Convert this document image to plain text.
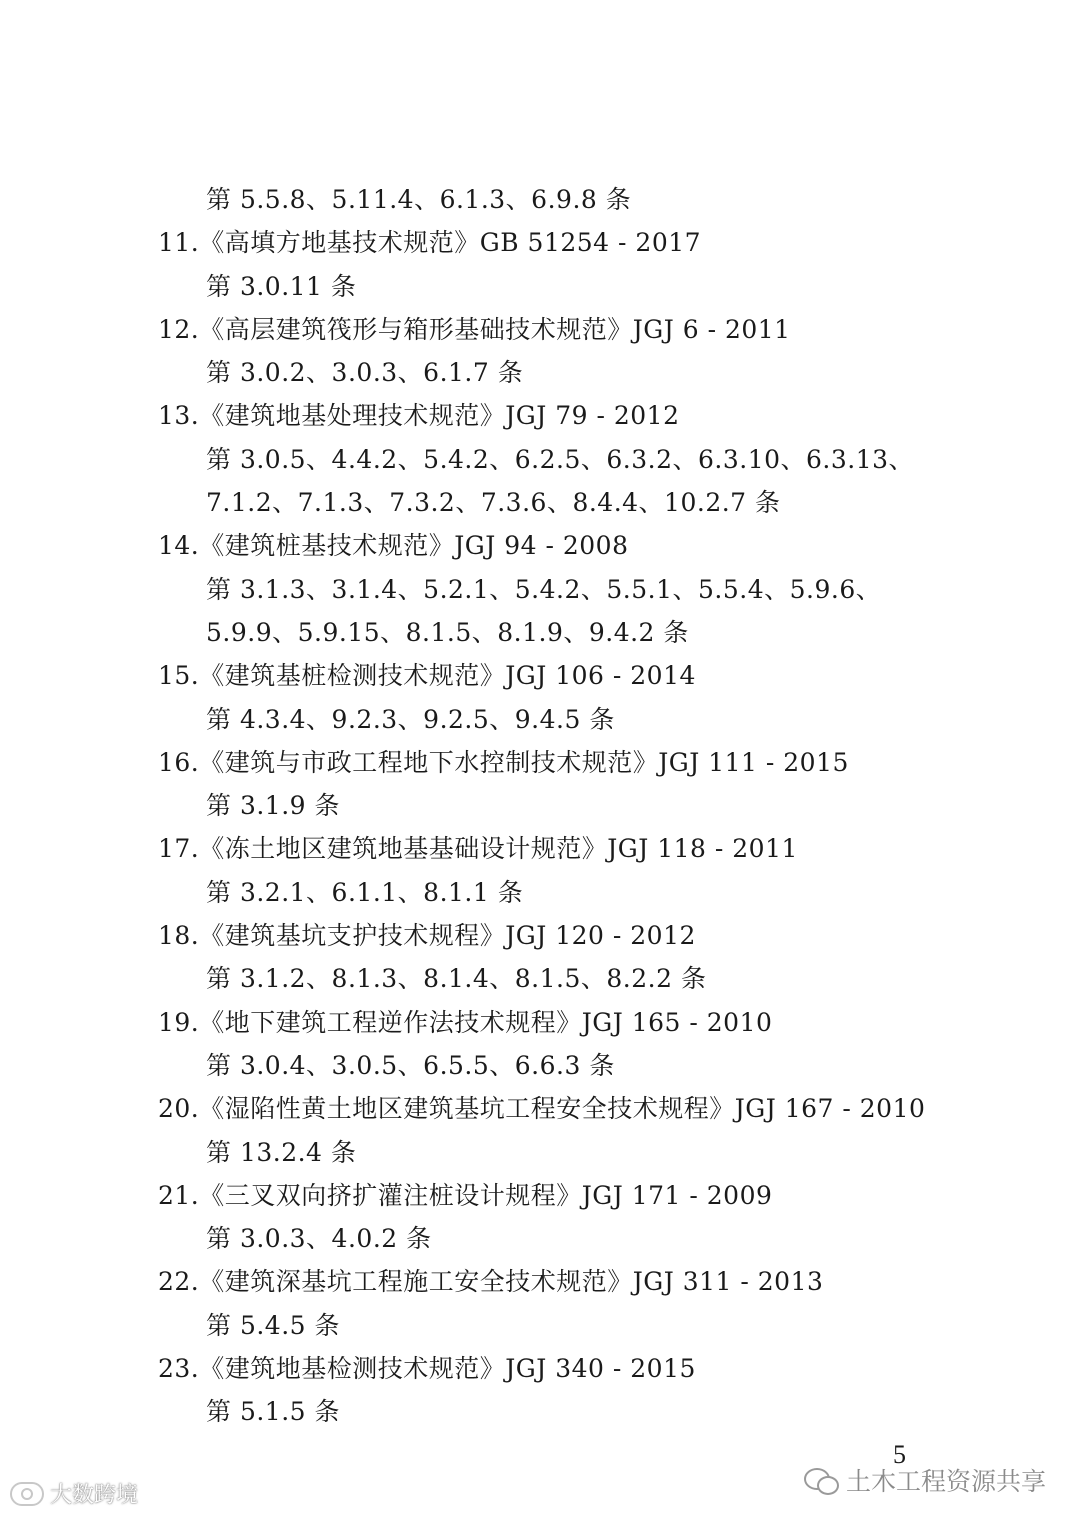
第 5.5.8、5.11.4、6.1.3、6.9.8 条
11.《高填方地基技术规范》GB 51254 - 2017
第 3.0.11 条
12.《高层建筑筏形与箱形基础技术规范》JGJ 6 - 2011
第 3.0.2、3.0.3、6.1.7 条
13.《建筑地基处理技术规范》JGJ 79 - 2012
第 3.0.5、4.4.2、5.4.2、6.2.5、6.3.2、6.3.10、6.3.13、
7.1.2、7.1.3、7.3.2、7.3.6、8.4.4、10.2.7 条
14.《建筑桩基技术规范》JGJ 94 - 2008
第 3.1.3、3.1.4、5.2.1、5.4.2、5.5.1、5.5.4、5.9.6、
5.9.9、5.9.15、8.1.5、8.1.9、9.4.2 条
15.《建筑基桩检测技术规范》JGJ 106 - 2014
第 4.3.4、9.2.3、9.2.5、9.4.5 条
16.《建筑与市政工程地下水控制技术规范》JGJ 111 - 2015
第 3.1.9 条
17.《冻土地区建筑地基基础设计规范》JGJ 118 - 2011
第 3.2.1、6.1.1、8.1.1 条
18.《建筑基坑支护技术规程》JGJ 120 - 2012
第 3.1.2、8.1.3、8.1.4、8.1.5、8.2.2 条
19.《地下建筑工程逆作法技术规程》JGJ 165 - 2010
第 3.0.4、3.0.5、6.5.5、6.6.3 条
20.《湿陷性黄土地区建筑基坑工程安全技术规程》JGJ 167 - 2010
第 13.2.4 条
21.《三叉双向挤扩灌注桩设计规程》JGJ 171 - 2009
第 3.0.3、4.0.2 条
22.《建筑深基坑工程施工安全技术规范》JGJ 311 - 2013
第 5.4.5 条
23.《建筑地基检测技术规范》JGJ 340 - 2015
第 5.1.5 条
5
土木工程资源共享
大数跨境
